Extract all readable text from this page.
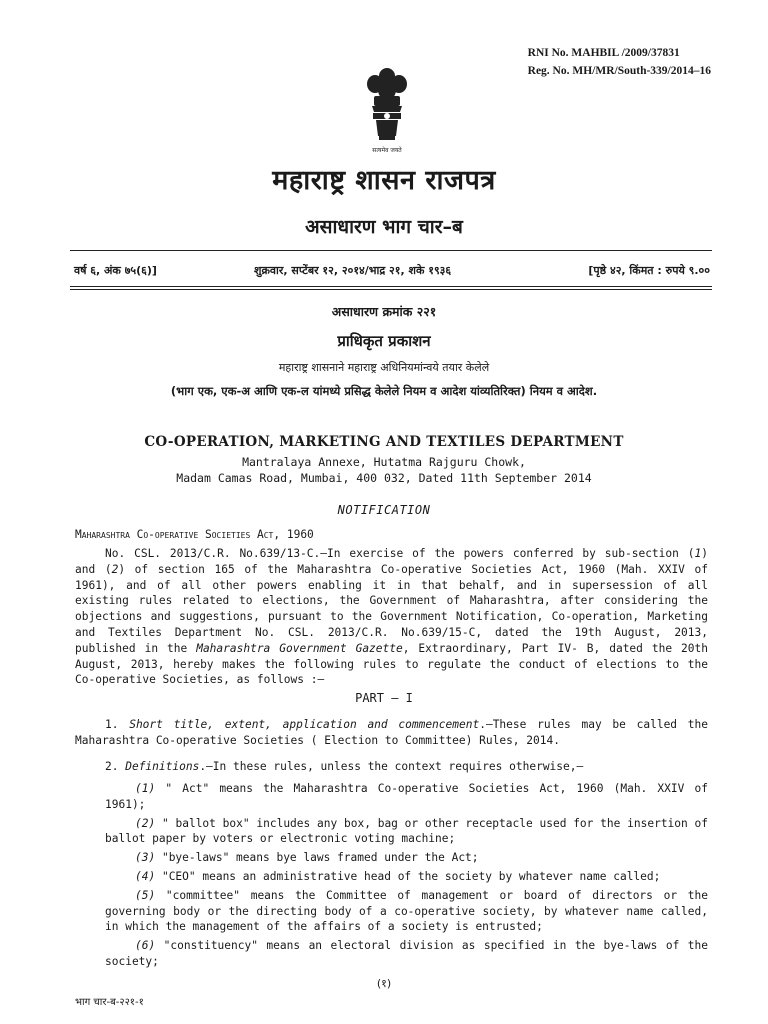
RNI No. MAHBIL /2009/37831
Reg. No. MH/MR/South-339/2014–16
सत्यमेव जयते
महाराष्ट्र शासन राजपत्र
असाधारण भाग चार–ब
वर्ष ६, अंक ७५(६)]	शुक्रवार, सप्टेंबर १२, २०१४/भाद्र २१, शके १९३६	[पृष्ठे ४२, किंमत : रुपये ९.००
असाधारण क्रमांक २२१
प्राधिकृत प्रकाशन
महाराष्ट्र शासनाने महाराष्ट्र अधिनियमांन्वये तयार केलेले
(भाग एक, एक-अ आणि एक-ल यांमध्ये प्रसिद्ध केलेले नियम व आदेश यांव्यतिरिक्त) नियम व आदेश.
CO-OPERATION, MARKETING AND TEXTILES DEPARTMENT
Mantralaya Annexe, Hutatma Rajguru Chowk,
Madam Camas Road, Mumbai, 400 032, Dated 11th September 2014
NOTIFICATION
Maharashtra Co-operative Societies Act, 1960
No. CSL. 2013/C.R. No.639/13-C.—In exercise of the powers conferred by sub-section (1) and (2) of section 165 of the Maharashtra Co-operative Societies Act, 1960 (Mah. XXIV of 1961), and of all other powers enabling it in that behalf, and in supersession of all existing rules related to elections, the Government of Maharashtra, after considering the objections and suggestions, pursuant to the Government Notification, Co-operation, Marketing and Textiles Department No. CSL. 2013/C.R. No.639/15-C, dated the 19th August, 2013, published in the Maharashtra Government Gazette, Extraordinary, Part IV- B, dated the 20th August, 2013, hereby makes the following rules to regulate the conduct of elections to the Co-operative Societies, as follows :—
PART – I
1. Short title, extent, application and commencement.—These rules may be called the Maharashtra Co-operative Societies ( Election to Committee) Rules, 2014.
2. Definitions.—In these rules, unless the context requires otherwise,—
(1) " Act" means the Maharashtra Co-operative Societies Act, 1960 (Mah. XXIV of 1961);
(2) " ballot box" includes any box, bag or other receptacle used for the insertion of ballot paper by voters or electronic voting machine;
(3) "bye-laws" means bye laws framed under the Act;
(4) "CEO" means an administrative head of the society by whatever name called;
(5) "committee" means the Committee of management or board of directors or the governing body or the directing body of a co-operative society, by whatever name called, in which the management of the affairs of a society is entrusted;
(6) "constituency" means an electoral division as specified in the bye-laws of the society;
(१)
भाग चार-ब-२२१-१
